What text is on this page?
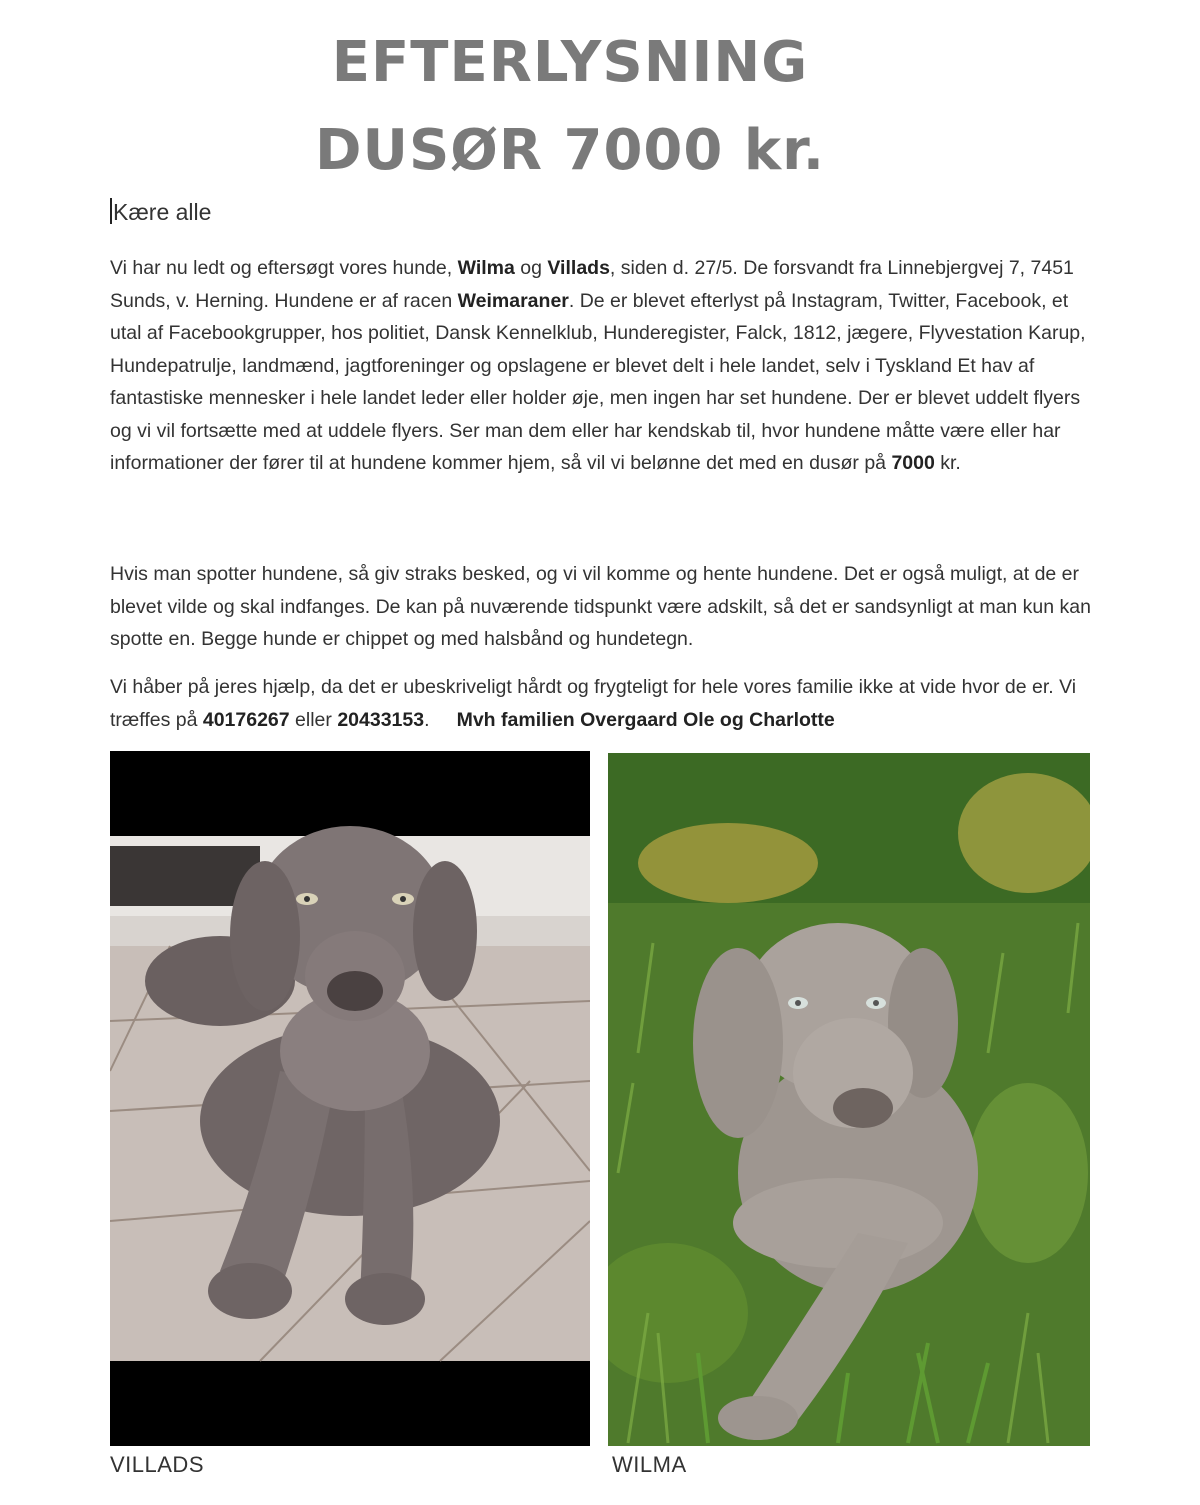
EFTERLYSNING
DUSØR 7000 kr.

Kære alle

Vi har nu ledt og eftersøgt vores hunde, Wilma og Villads, siden d. 27/5. De forsvandt fra Linnebjergvej 7, 7451 Sunds, v. Herning. Hundene er af racen Weimaraner. De er blevet efterlyst på Instagram, Twitter, Facebook, et utal af Facebookgrupper, hos politiet, Dansk Kennelklub, Hunderegister, Falck, 1812, jægere, Flyvestation Karup, Hundepatrulje, landmænd, jagtforeninger og opslagene er blevet delt i hele landet, selv i Tyskland Et hav af fantastiske mennesker i hele landet leder eller holder øje, men ingen har set hundene. Der er blevet uddelt flyers og vi vil fortsætte med at uddele flyers. Ser man dem eller har kendskab til, hvor hundene måtte være eller har informationer der fører til at hundene kommer hjem, så vil vi belønne det med en dusør på 7000 kr.

Hvis man spotter hundene, så giv straks besked, og vi vil komme og hente hundene. Det er også muligt, at de er blevet vilde og skal indfanges. De kan på nuværende tidspunkt være adskilt, så det er sandsynligt at man kun kan spotte en. Begge hunde er chippet og med halsbånd og hundetegn.

Vi håber på jeres hjælp, da det er ubeskriveligt hårdt og frygteligt for hele vores familie ikke at vide hvor de er. Vi træffes på 40176267 eller 20433153.     Mvh familien Overgaard Ole og Charlotte

VILLADS	WILMA
